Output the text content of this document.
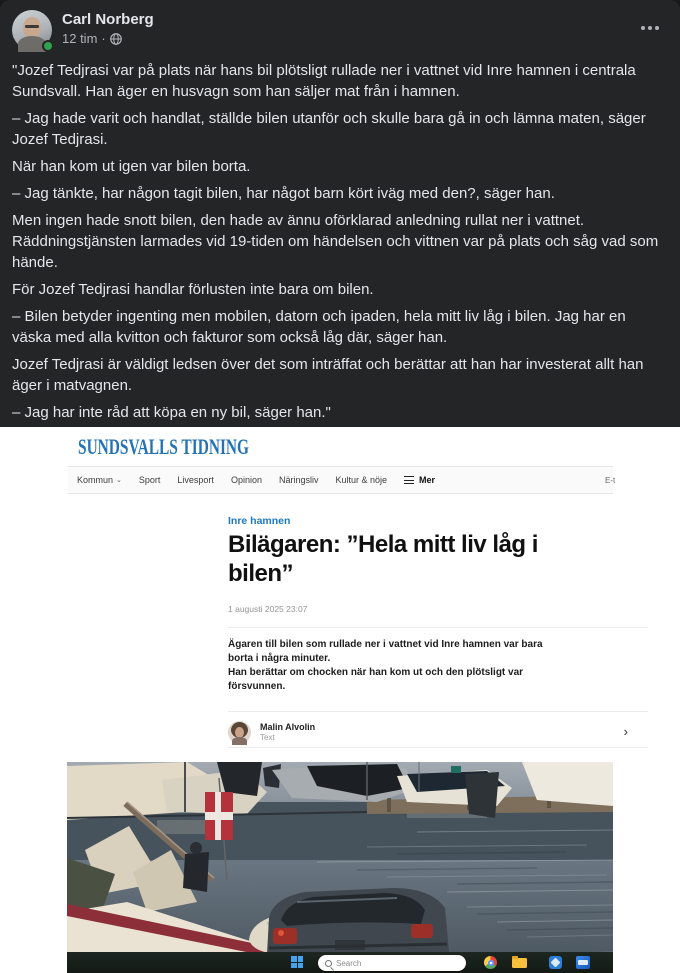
Carl Norberg
12 tim ·

"Jozef Tedjrasi var på plats när hans bil plötsligt rullade ner i vattnet vid Inre hamnen i centrala Sundsvall. Han äger en husvagn som han säljer mat från i hamnen.

– Jag hade varit och handlat, ställde bilen utanför och skulle bara gå in och lämna maten, säger Jozef Tedjrasi.

När han kom ut igen var bilen borta.

– Jag tänkte, har någon tagit bilen, har något barn kört iväg med den?, säger han.

Men ingen hade snott bilen, den hade av ännu oförklarad anledning rullat ner i vattnet. Räddningstjänsten larmades vid 19-tiden om händelsen och vittnen var på plats och såg vad som hände.

För Jozef Tedjrasi handlar förlusten inte bara om bilen.

– Bilen betyder ingenting men mobilen, datorn och ipaden, hela mitt liv låg i bilen. Jag har en väska med alla kvitton och fakturor som också låg där, säger han.

Jozef Tedjrasi är väldigt ledsen över det som inträffat och berättar att han har investerat allt han äger i matvagnen.

– Jag har inte råd att köpa en ny bil, säger han."

SUNDSVALLS TIDNING
Kommun ⌄ Sport Livesport Opinion Näringsliv Kultur & nöje	Mer	E-t
Inre hamnen
Bilägaren: ”Hela mitt liv låg i bilen”
1 augusti 2025 23:07

Ägaren till bilen som rullade ner i vattnet vid Inre hamnen var bara borta i några minuter.

Han berättar om chocken när han kom ut och den plötsligt var försvunnen.

Malin Alvolin
Text	›
Search
